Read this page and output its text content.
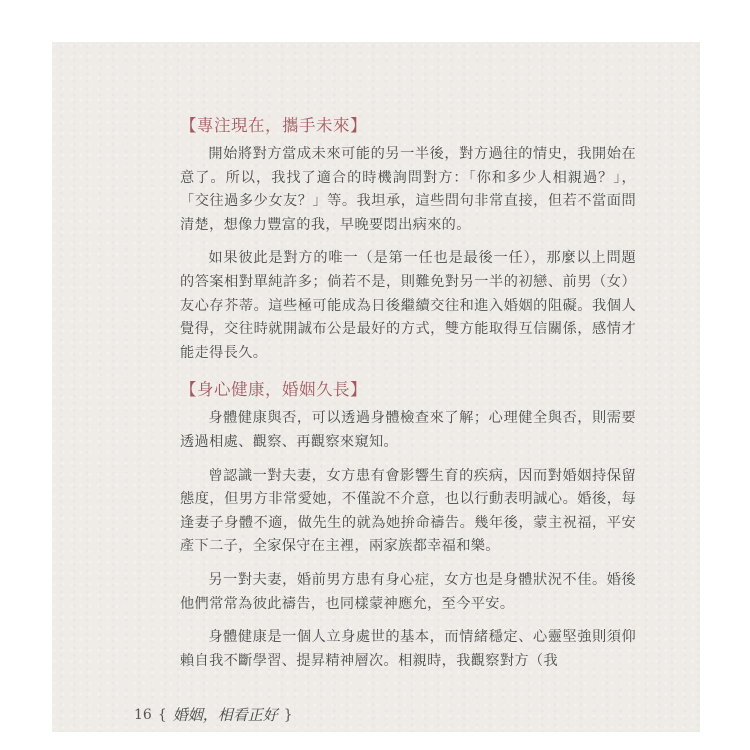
【專注現在，攜手未來】

開始將對方當成未來可能的另一半後，對方過往的情史，我開始在意了。所以，我找了適合的時機詢問對方：「你和多少人相親過？」，「交往過多少女友？」等。我坦承，這些問句非常直接，但若不當面問清楚，想像力豐富的我，早晚要悶出病來的。

如果彼此是對方的唯一（是第一任也是最後一任），那麼以上問題的答案相對單純許多；倘若不是，則難免對另一半的初戀、前男（女）友心存芥蒂。這些極可能成為日後繼續交往和進入婚姻的阻礙。我個人覺得，交往時就開誠布公是最好的方式，雙方能取得互信關係，感情才能走得長久。

【身心健康，婚姻久長】

身體健康與否，可以透過身體檢查來了解；心理健全與否，則需要透過相處、觀察、再觀察來窺知。

曾認識一對夫妻，女方患有會影響生育的疾病，因而對婚姻持保留態度，但男方非常愛她，不僅說不介意，也以行動表明誠心。婚後，每逢妻子身體不適，做先生的就為她拚命禱告。幾年後，蒙主祝福，平安產下二子，全家保守在主裡，兩家族都幸福和樂。

另一對夫妻，婚前男方患有身心症，女方也是身體狀況不佳。婚後他們常常為彼此禱告，也同樣蒙神應允，至今平安。

身體健康是一個人立身處世的基本，而情緒穩定、心靈堅強則須仰賴自我不斷學習、提昇精神層次。相親時，我觀察對方（我

16 { 婚姻，相看正好 }
